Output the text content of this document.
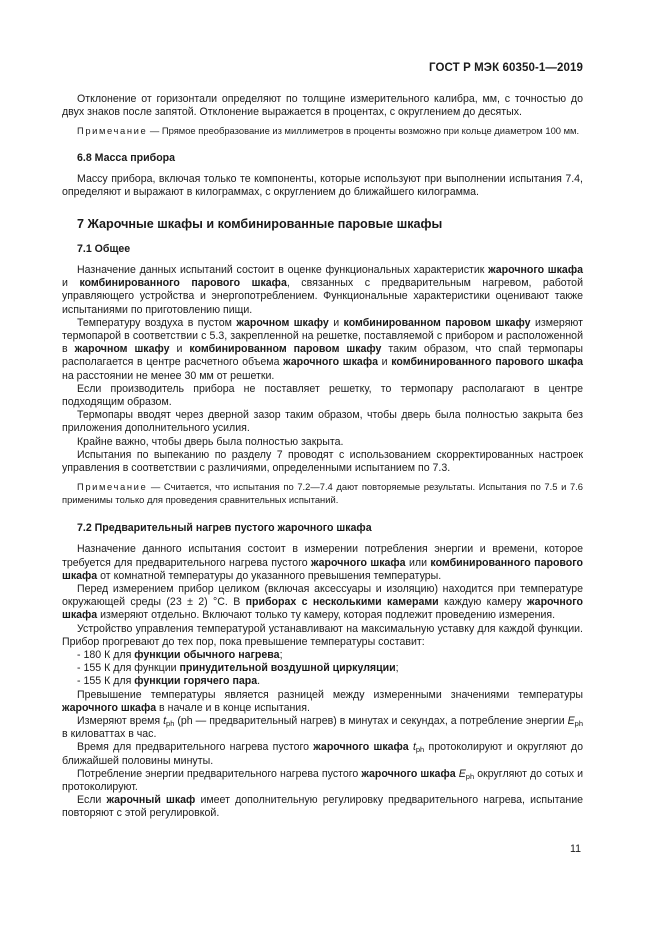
ГОСТ Р МЭК 60350-1—2019

Отклонение от горизонтали определяют по толщине измерительного калибра, мм, с точностью до двух знаков после запятой. Отклонение выражается в процентах, с округлением до десятых.

Примечание — Прямое преобразование из миллиметров в проценты возможно при кольце диаметром 100 мм.

6.8 Масса прибора

Массу прибора, включая только те компоненты, которые используют при выполнении испытания 7.4, определяют и выражают в килограммах, с округлением до ближайшего килограмма.

7 Жарочные шкафы и комбинированные паровые шкафы
7.1 Общее

Назначение данных испытаний состоит в оценке функциональных характеристик жарочного шкафа и комбинированного парового шкафа, связанных с предварительным нагревом, работой управляющего устройства и энергопотреблением. Функциональные характеристики оценивают также испытаниями по приготовлению пищи.

Температуру воздуха в пустом жарочном шкафу и комбинированном паровом шкафу измеряют термопарой в соответствии с 5.3, закрепленной на решетке, поставляемой с прибором и расположенной в жарочном шкафу и комбинированном паровом шкафу таким образом, что спай термопары располагается в центре расчетного объема жарочного шкафа и комбинированного парового шкафа на расстоянии не менее 30 мм от решетки.

Если производитель прибора не поставляет решетку, то термопару располагают в центре подходящим образом.

Термопары вводят через дверной зазор таким образом, чтобы дверь была полностью закрыта без приложения дополнительного усилия.

Крайне важно, чтобы дверь была полностью закрыта.

Испытания по выпеканию по разделу 7 проводят с использованием скорректированных настроек управления в соответствии с различиями, определенными испытанием по 7.3.

Примечание — Считается, что испытания по 7.2—7.4 дают повторяемые результаты. Испытания по 7.5 и 7.6 применимы только для проведения сравнительных испытаний.

7.2 Предварительный нагрев пустого жарочного шкафа

Назначение данного испытания состоит в измерении потребления энергии и времени, которое требуется для предварительного нагрева пустого жарочного шкафа или комбинированного парового шкафа от комнатной температуры до указанного превышения температуры.

Перед измерением прибор целиком (включая аксессуары и изоляцию) находится при температуре окружающей среды (23 ± 2) °С. В приборах с несколькими камерами каждую камеру жарочного шкафа измеряют отдельно. Включают только ту камеру, которая подлежит проведению измерения.

Устройство управления температурой устанавливают на максимальную уставку для каждой функции. Прибор прогревают до тех пор, пока превышение температуры составит:

- 180 К для функции обычного нагрева;

- 155 К для функции принудительной воздушной циркуляции;

- 155 К для функции горячего пара.

Превышение температуры является разницей между измеренными значениями температуры жарочного шкафа в начале и в конце испытания.

Измеряют время $t_{ph}$ (ph — предварительный нагрев) в минутах и секундах, а потребление энергии $E_{ph}$ в киловаттах в час.

Время для предварительного нагрева пустого жарочного шкафа $t_{ph}$ протоколируют и округляют до ближайшей половины минуты.

Потребление энергии предварительного нагрева пустого жарочного шкафа $E_{ph}$ округляют до сотых и протоколируют.

Если жарочный шкаф имеет дополнительную регулировку предварительного нагрева, испытание повторяют с этой регулировкой.

11
